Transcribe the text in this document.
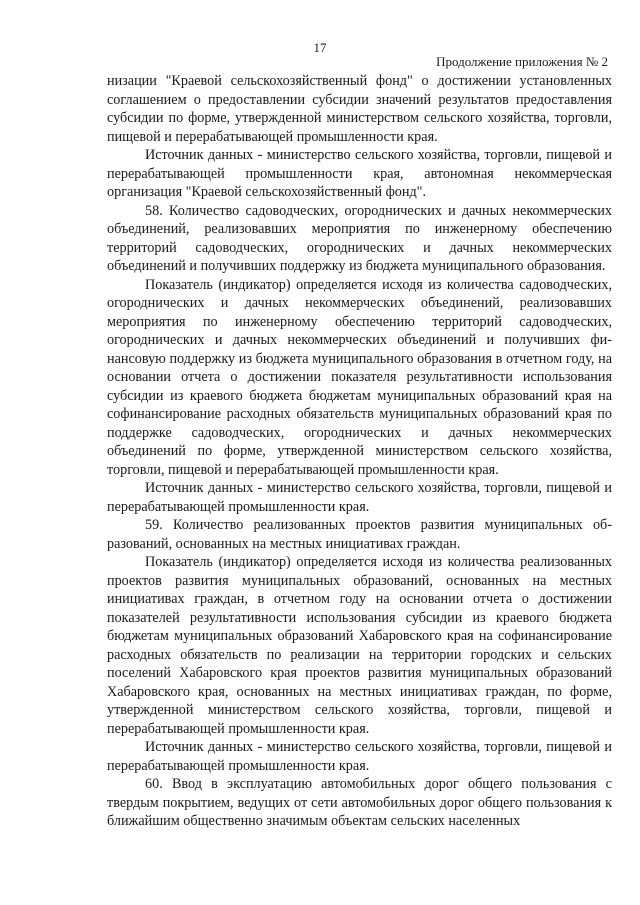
17
Продолжение приложения № 2

низации "Краевой сельскохозяйственный фонд" о достижении установленных соглашением о предоставлении субсидии значений результатов предоставления субсидии по форме, утвержденной министерством сельского хозяйства, торговли, пищевой и перерабатывающей промышленности края.

Источник данных - министерство сельского хозяйства, торговли, пищевой и перерабатывающей промышленности края, автономная некоммерческая организация "Краевой сельскохозяйственный фонд".

58. Количество садоводческих, огороднических и дачных некоммерческих объединений, реализовавших мероприятия по инженерному обеспечению территорий садоводческих, огороднических и дачных некоммерческих объединений и получивших поддержку из бюджета муниципального образования.

Показатель (индикатор) определяется исходя из количества садоводческих, огороднических и дачных некоммерческих объединений, реализовавших мероприятия по инженерному обеспечению территорий садоводческих, огороднических и дачных некоммерческих объединений и получивших финансовую поддержку из бюджета муниципального образования в отчетном году, на основании отчета о достижении показателя результативности использования субсидии из краевого бюджета бюджетам муниципальных образований края на софинансирование расходных обязательств муниципальных образований края по поддержке садоводческих, огороднических и дачных некоммерческих объединений по форме, утвержденной министерством сельского хозяйства, торговли, пищевой и перерабатывающей промышленности края.

Источник данных - министерство сельского хозяйства, торговли, пищевой и перерабатывающей промышленности края.

59. Количество реализованных проектов развития муниципальных образований, основанных на местных инициативах граждан.

Показатель (индикатор) определяется исходя из количества реализованных проектов развития муниципальных образований, основанных на местных инициативах граждан, в отчетном году на основании отчета о достижении показателей результативности использования субсидии из краевого бюджета бюджетам муниципальных образований Хабаровского края на софинансирование расходных обязательств по реализации на территории городских и сельских поселений Хабаровского края проектов развития муниципальных образований Хабаровского края, основанных на местных инициативах граждан, по форме, утвержденной министерством сельского хозяйства, торговли, пищевой и перерабатывающей промышленности края.

Источник данных - министерство сельского хозяйства, торговли, пищевой и перерабатывающей промышленности края.

60. Ввод в эксплуатацию автомобильных дорог общего пользования с твердым покрытием, ведущих от сети автомобильных дорог общего пользования к ближайшим общественно значимым объектам сельских населенных
